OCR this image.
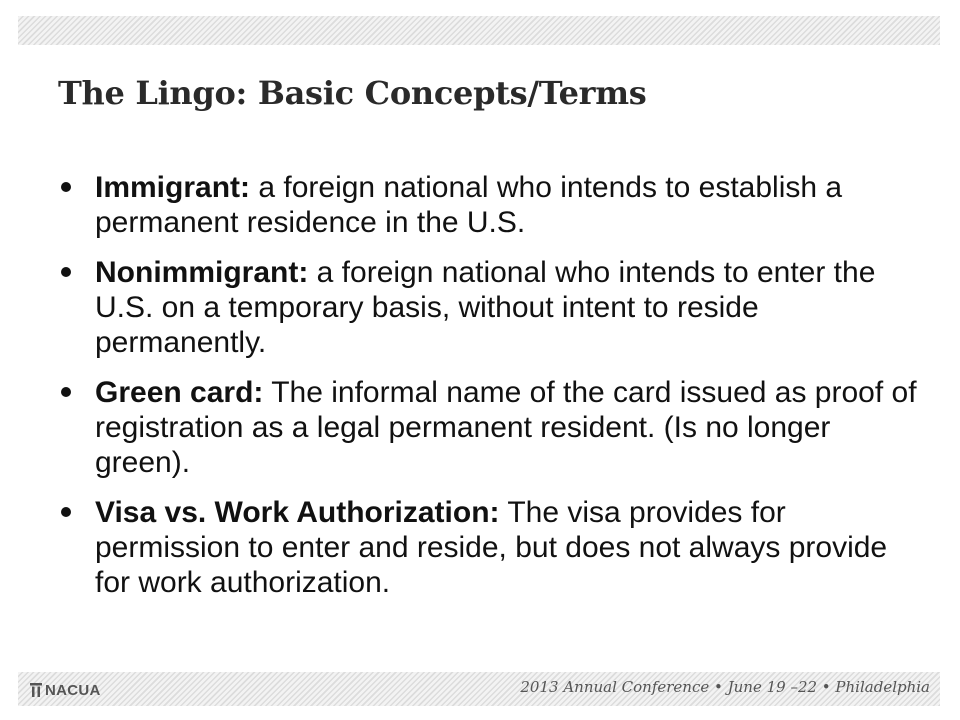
The Lingo: Basic Concepts/Terms
Immigrant: a foreign national who intends to establish a permanent residence in the U.S.
Nonimmigrant: a foreign national who intends to enter the U.S. on a temporary basis, without intent to reside permanently.
Green card: The informal name of the card issued as proof of registration as a legal permanent resident. (Is no longer green).
Visa vs. Work Authorization: The visa provides for permission to enter and reside, but does not always provide for work authorization.
NACUA	2013 Annual Conference • June 19 –22 • Philadelphia
